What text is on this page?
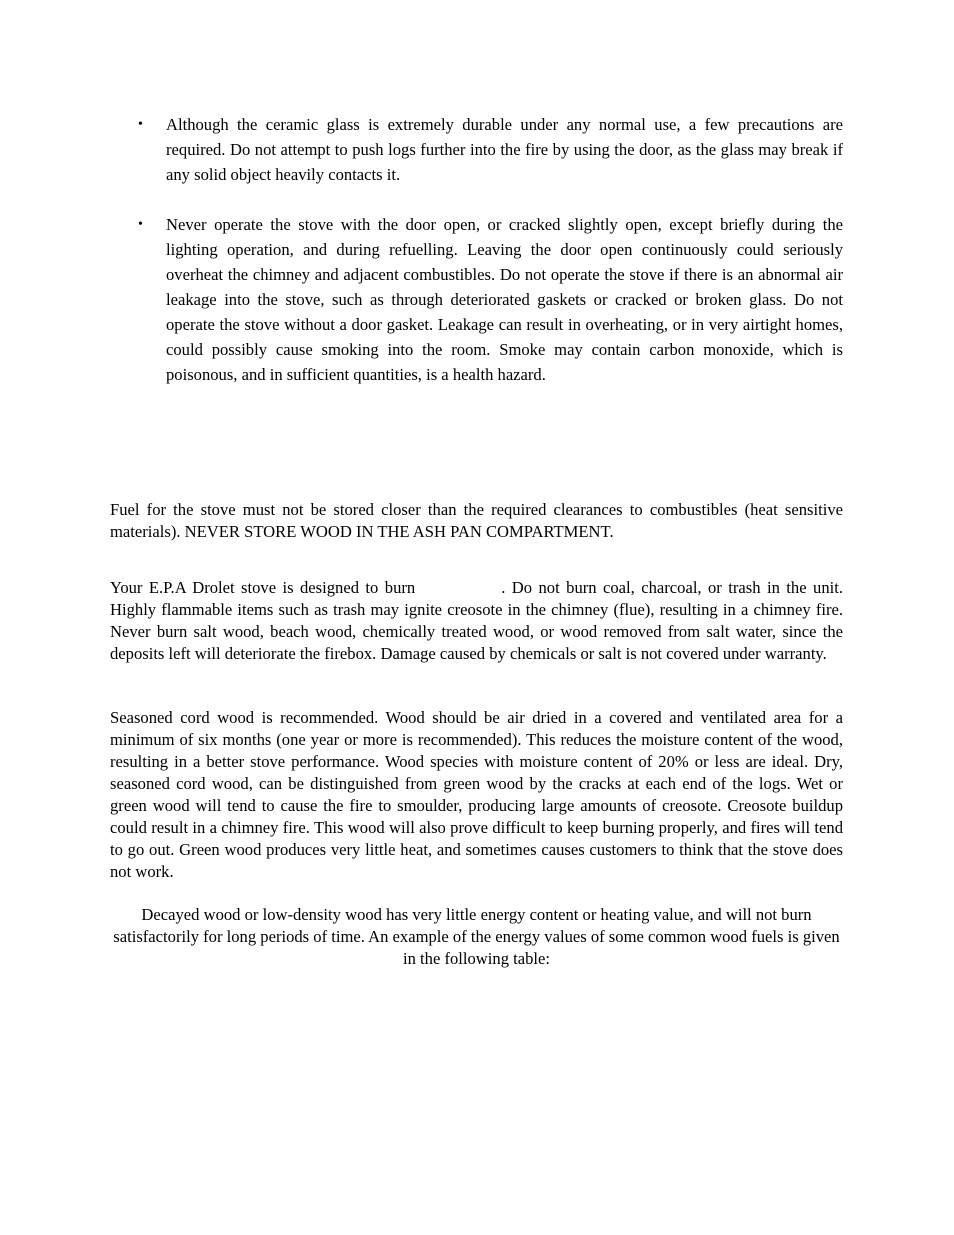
• Although the ceramic glass is extremely durable under any normal use, a few precautions are required. Do not attempt to push logs further into the fire by using the door, as the glass may break if any solid object heavily contacts it.
• Never operate the stove with the door open, or cracked slightly open, except briefly during the lighting operation, and during refuelling. Leaving the door open continuously could seriously overheat the chimney and adjacent combustibles. Do not operate the stove if there is an abnormal air leakage into the stove, such as through deteriorated gaskets or cracked or broken glass. Do not operate the stove without a door gasket. Leakage can result in overheating, or in very airtight homes, could possibly cause smoking into the room. Smoke may contain carbon monoxide, which is poisonous, and in sufficient quantities, is a health hazard.

Fuel for the stove must not be stored closer than the required clearances to combustibles (heat sensitive materials). NEVER STORE WOOD IN THE ASH PAN COMPARTMENT.

Your E.P.A Drolet stove is designed to burn	. Do not burn coal, charcoal, or trash in the unit. Highly flammable items such as trash may ignite creosote in the chimney (flue), resulting in a chimney fire. Never burn salt wood, beach wood, chemically treated wood, or wood removed from salt water, since the deposits left will deteriorate the firebox. Damage caused by chemicals or salt is not covered under warranty.

Seasoned cord wood is recommended. Wood should be air dried in a covered and ventilated area for a minimum of six months (one year or more is recommended). This reduces the moisture content of the wood, resulting in a better stove performance. Wood species with moisture content of 20% or less are ideal. Dry, seasoned cord wood, can be distinguished from green wood by the cracks at each end of the logs. Wet or green wood will tend to cause the fire to smoulder, producing large amounts of creosote. Creosote buildup could result in a chimney fire. This wood will also prove difficult to keep burning properly, and fires will tend to go out. Green wood produces very little heat, and sometimes causes customers to think that the stove does not work.

Decayed wood or low-density wood has very little energy content or heating value, and will not burn satisfactorily for long periods of time. An example of the energy values of some common wood fuels is given in the following table:
